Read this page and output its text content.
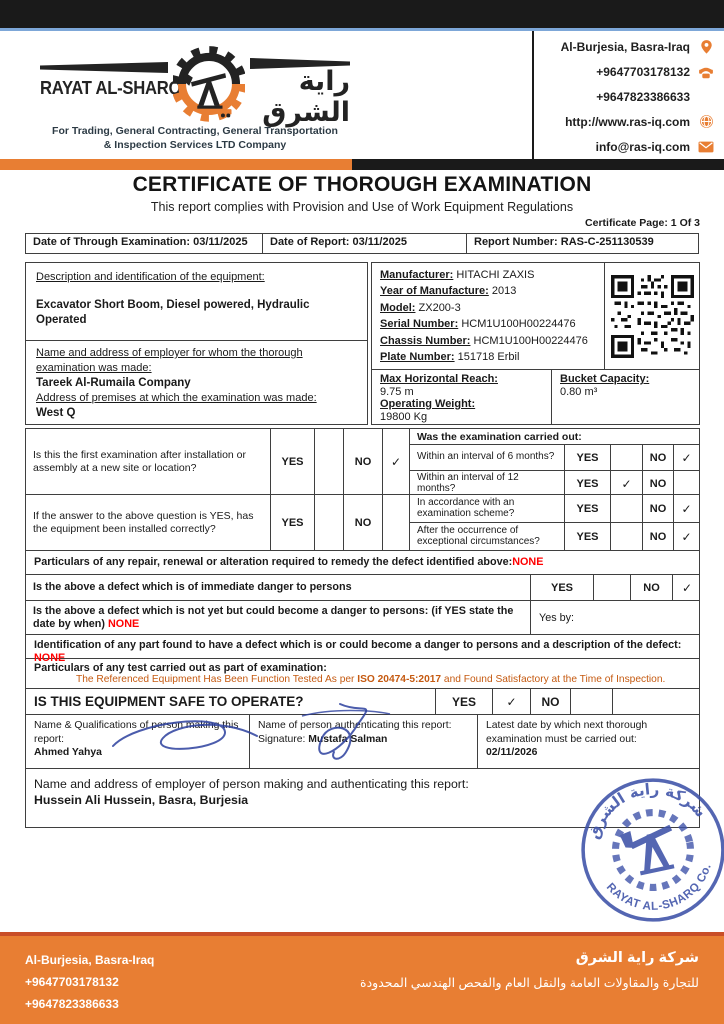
RAYAT AL-SHARQ	راية الشرق
For Trading, General Contracting, General Transportation
& Inspection Services LTD Company
Al-Burjesia, Basra-Iraq
+9647703178132
+9647823386633
http://www.ras-iq.com
info@ras-iq.com
CERTIFICATE OF THOROUGH EXAMINATION
This report complies with Provision and Use of Work Equipment Regulations
Certificate Page: 1 Of 3
Date of Through Examination: 03/11/2025	Date of Report: 03/11/2025	Report Number: RAS-C-251130539
Description and identification of the equipment:
Excavator Short Boom, Diesel powered, Hydraulic Operated
Name and address of employer for whom the thorough examination was made:
Tareek Al-Rumaila Company
Address of premises at which the examination was made:
West Q
Manufacturer: HITACHI ZAXIS
Year of Manufacture: 2013
Model: ZX200-3
Serial Number: HCM1U100H00224476
Chassis Number: HCM1U100H00224476
Plate Number: 151718 Erbil
Max Horizontal Reach:
9.75 m
Operating Weight:
19800 Kg
Bucket Capacity:
0.80 m³
Is this the first examination after installation or assembly at a new site or location?	YES	NO	✓
Was the examination carried out:
Within an interval of 6 months?	YES	NO	✓
Within an interval of 12 months?	YES	✓	NO
If the answer to the above question is YES, has the equipment been installed correctly?	YES	NO
In accordance with an examination scheme?	YES	NO	✓
After the occurrence of exceptional circumstances?	YES	NO	✓
Particulars of any repair, renewal or alteration required to remedy the defect identified above: NONE
Is the above a defect which is of immediate danger to persons	YES	NO	✓
Is the above a defect which is not yet but could become a danger to persons: (if YES state the date by when) NONE	Yes by:
Identification of any part found to have a defect which is or could become a danger to persons and a description of the defect:
NONE
Particulars of any test carried out as part of examination:
The Referenced Equipment Has Been Function Tested As per ISO 20474-5:2017 and Found Satisfactory at the Time of Inspection.
IS THIS EQUIPMENT SAFE TO OPERATE?	YES	✓	NO
Name & Qualifications of person making this report:
Ahmed Yahya
Name of person authenticating this report:
Signature: Mustafa Salman
Latest date by which next thorough examination must be carried out:
02/11/2026
Name and address of employer of person making and authenticating this report:
Hussein Ali Hussein, Basra, Burjesia
شركة راية الشرق
RAYAT AL-SHARQ Co.
Al-Burjesia, Basra-Iraq
+9647703178132
+9647823386633
شركة راية الشرق
للتجارة والمقاولات العامة والنقل العام والفحص الهندسي المحدودة
